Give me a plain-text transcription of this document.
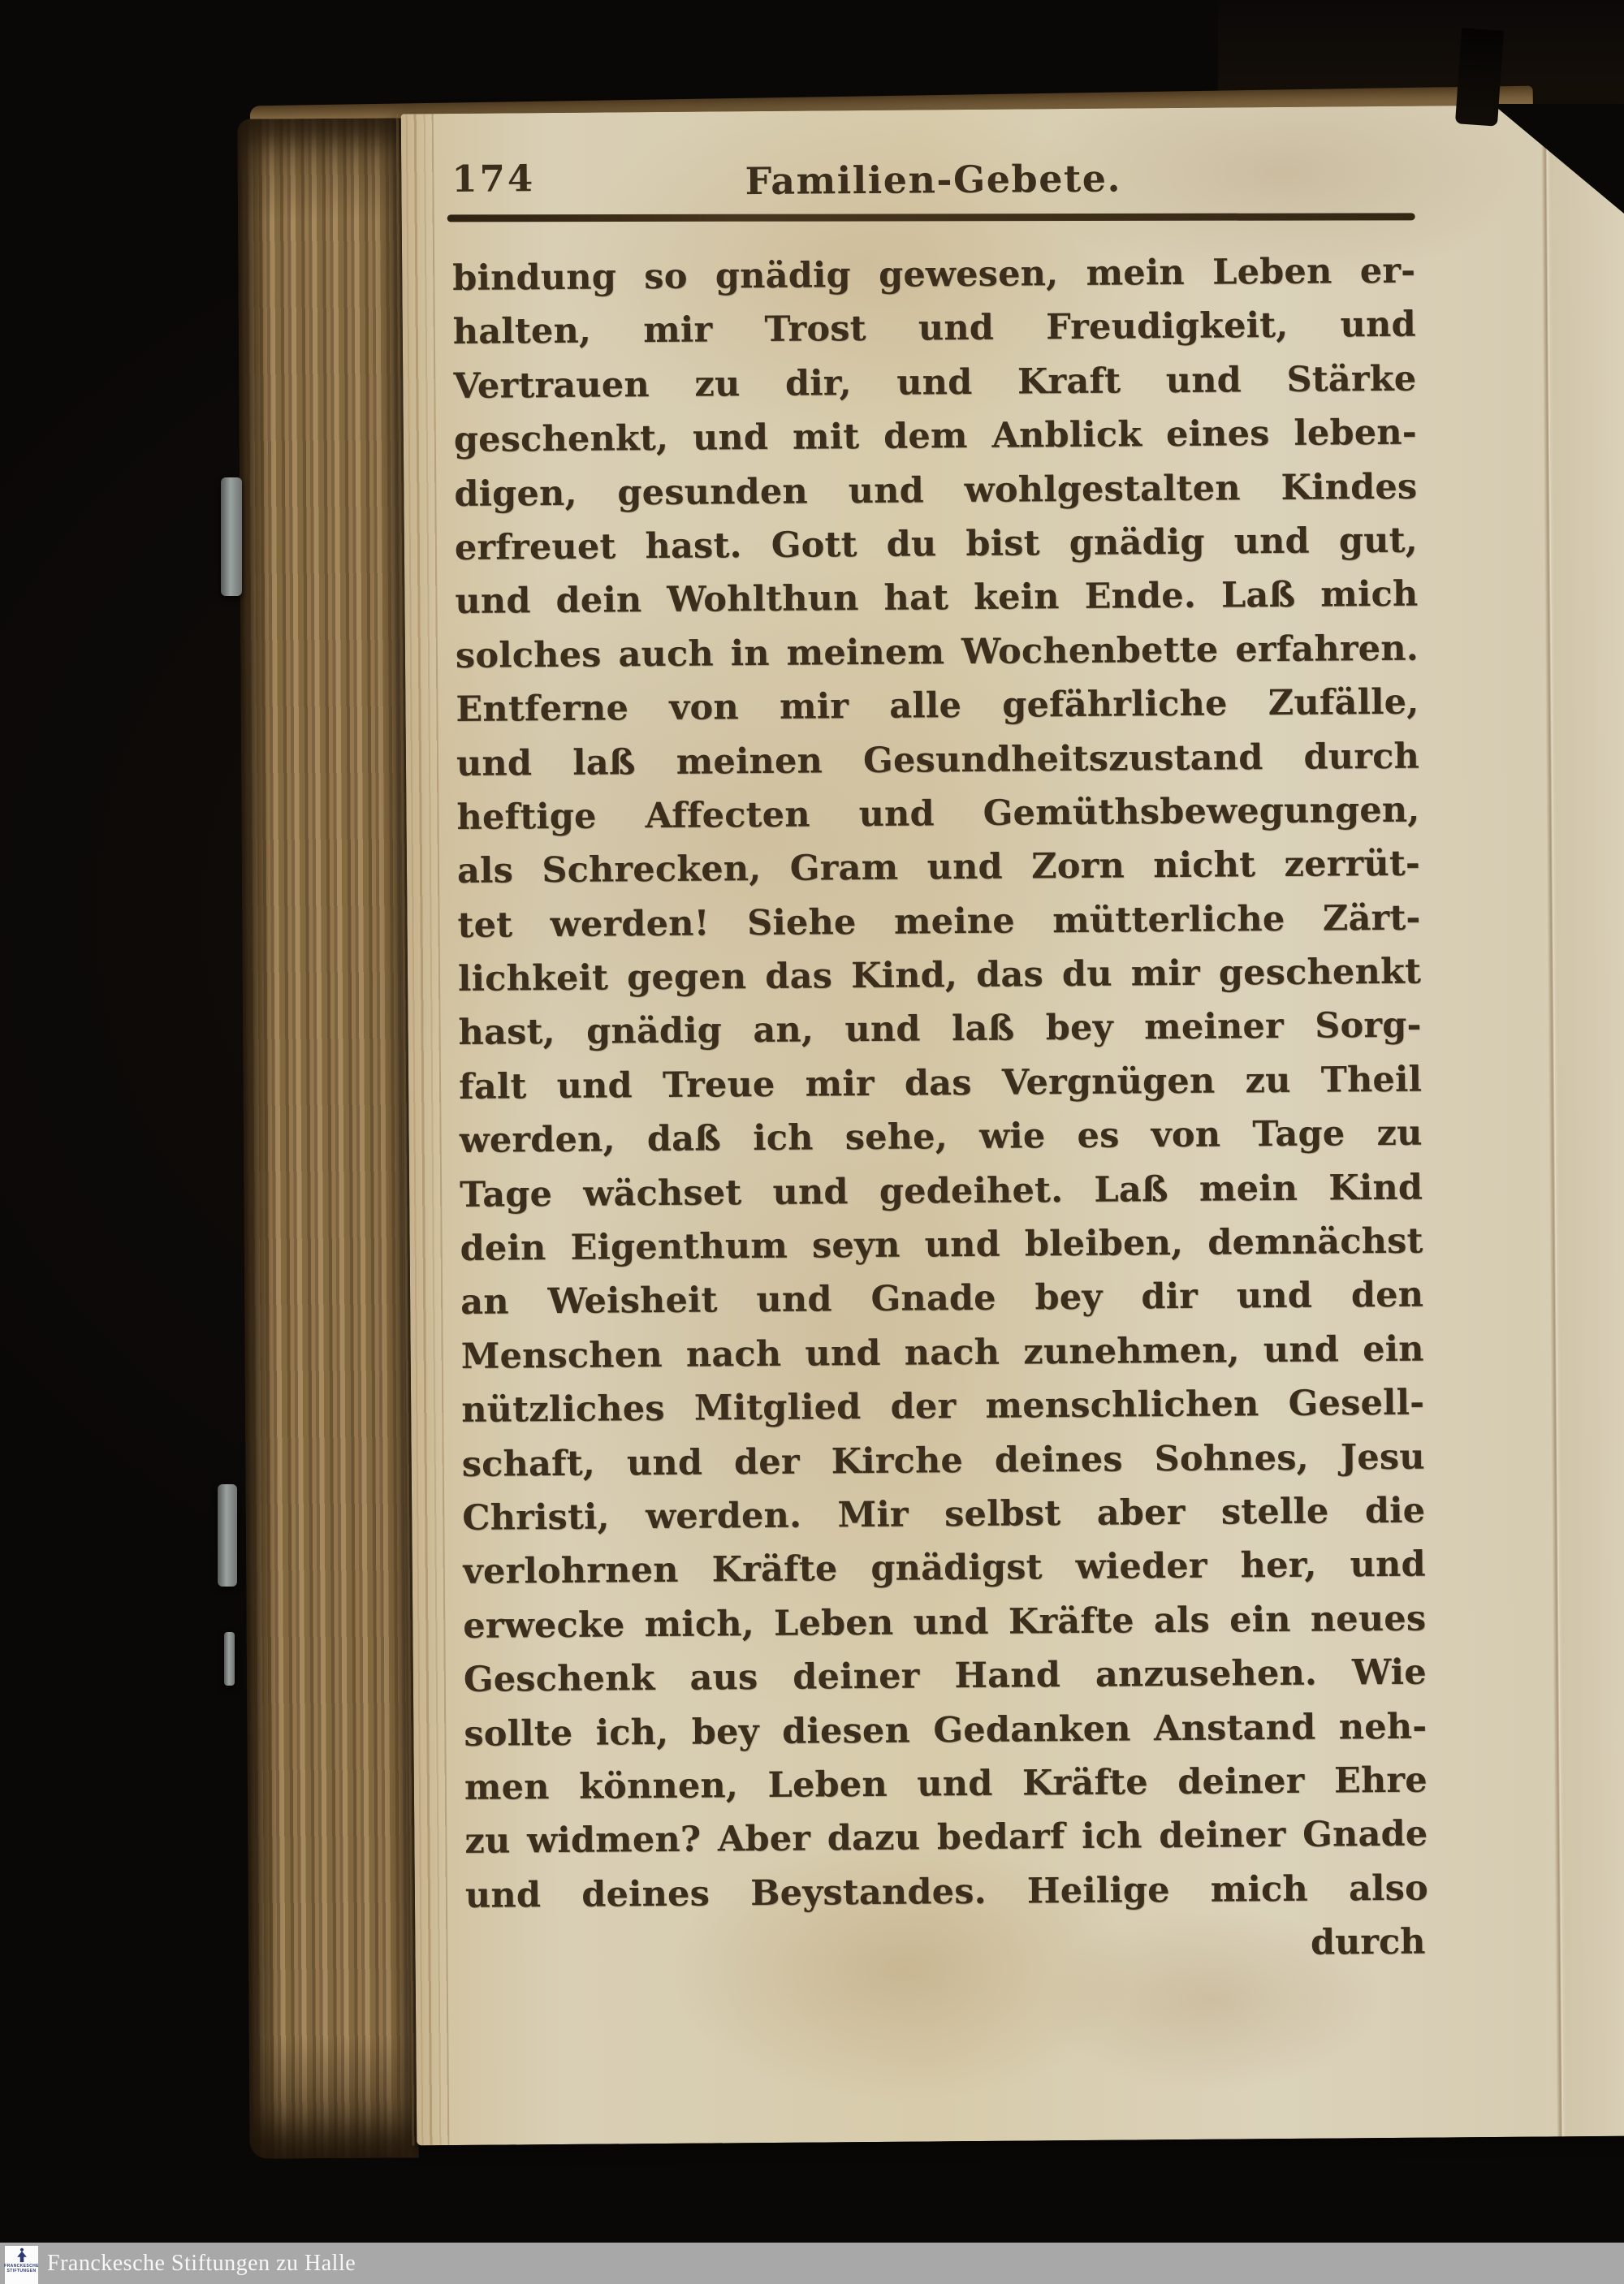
174	Familien-Gebete.
bindung so gnädig gewesen, mein Leben er-
halten, mir Trost und Freudigkeit, und
Vertrauen zu dir, und Kraft und Stärke
geschenkt, und mit dem Anblick eines leben-
digen, gesunden und wohlgestalten Kindes
erfreuet hast. Gott du bist gnädig und gut,
und dein Wohlthun hat kein Ende. Laß mich
solches auch in meinem Wochenbette erfahren.
Entferne von mir alle gefährliche Zufälle,
und laß meinen Gesundheitszustand durch
heftige Affecten und Gemüthsbewegungen,
als Schrecken, Gram und Zorn nicht zerrüt-
tet werden! Siehe meine mütterliche Zärt-
lichkeit gegen das Kind, das du mir geschenkt
hast, gnädig an, und laß bey meiner Sorg-
falt und Treue mir das Vergnügen zu Theil
werden, daß ich sehe, wie es von Tage zu
Tage wächset und gedeihet. Laß mein Kind
dein Eigenthum seyn und bleiben, demnächst
an Weisheit und Gnade bey dir und den
Menschen nach und nach zunehmen, und ein
nützliches Mitglied der menschlichen Gesell-
schaft, und der Kirche deines Sohnes, Jesu
Christi, werden. Mir selbst aber stelle die
verlohrnen Kräfte gnädigst wieder her, und
erwecke mich, Leben und Kräfte als ein neues
Geschenk aus deiner Hand anzusehen. Wie
sollte ich, bey diesen Gedanken Anstand neh-
men können, Leben und Kräfte deiner Ehre
zu widmen? Aber dazu bedarf ich deiner Gnade
und deines Beystandes. Heilige mich also
durch
Franckesche Stiftungen zu Halle
FRANCKESCHE
STIFTUNGEN
